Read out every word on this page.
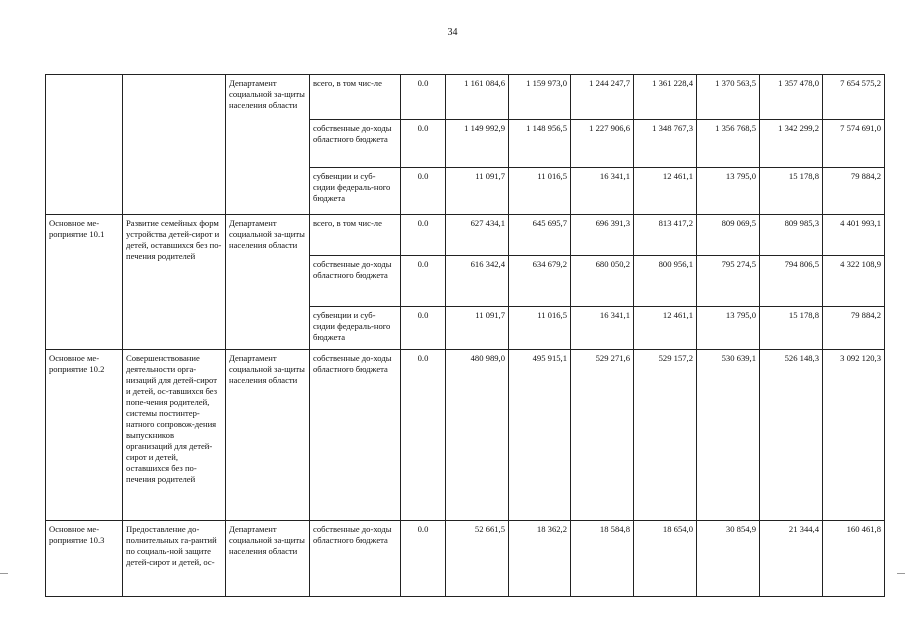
34
		Департамент социальной за-щиты населения области	всего, в том чис-ле	0.0	1 161 084,6	1 159 973,0	1 244 247,7	1 361 228,4	1 370 563,5	1 357 478,0	7 654 575,2
			собственные до-ходы областного бюджета	0.0	1 149 992,9	1 148 956,5	1 227 906,6	1 348 767,3	1 356 768,5	1 342 299,2	7 574 691,0
			субвенции и суб-сидии федераль-ного бюджета	0.0	11 091,7	11 016,5	16 341,1	12 461,1	13 795,0	15 178,8	79 884,2
Основное ме-роприятие 10.1	Развитие семейных форм устройства детей-сирот и детей, оставшихся без по-печения родителей	Департамент социальной за-щиты населения области	всего, в том чис-ле	0.0	627 434,1	645 695,7	696 391,3	813 417,2	809 069,5	809 985,3	4 401 993,1
			собственные до-ходы областного бюджета	0.0	616 342,4	634 679,2	680 050,2	800 956,1	795 274,5	794 806,5	4 322 108,9
			субвенции и суб-сидии федераль-ного бюджета	0.0	11 091,7	11 016,5	16 341,1	12 461,1	13 795,0	15 178,8	79 884,2
Основное ме-роприятие 10.2	Совершенствование деятельности орга-низаций для детей-сирот и детей, ос-тавшихся без попе-чения родителей, системы постинтер-натного сопровож-дения выпускников организаций для детей-сирот и детей, оставшихся без по-печения родителей	Департамент социальной за-щиты населения области	собственные до-ходы областного бюджета	0.0	480 989,0	495 915,1	529 271,6	529 157,2	530 639,1	526 148,3	3 092 120,3
Основное ме-роприятие 10.3	Предоставление до-полнительных га-рантий по социаль-ной защите детей-сирот и детей, ос-	Департамент социальной за-щиты населения области	собственные до-ходы областного бюджета	0.0	52 661,5	18 362,2	18 584,8	18 654,0	30 854,9	21 344,4	160 461,8
